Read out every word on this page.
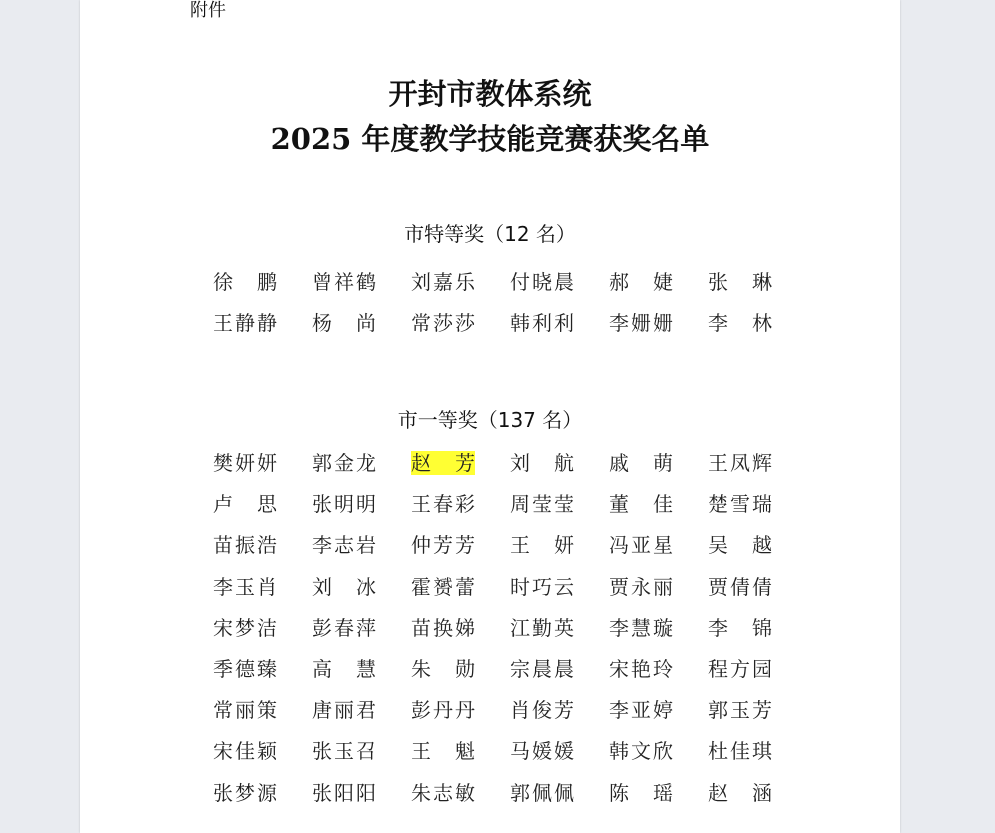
附件
开封市教体系统
2025 年度教学技能竞赛获奖名单
市特等奖（12 名）
徐鹏 曾祥鹤 刘嘉乐 付晓晨 郝婕 张琳
王静静 杨尚 常莎莎 韩利利 李姗姗 李林
市一等奖（137 名）
樊妍妍 郭金龙 赵芳 刘航 戚萌 王凤辉
卢思 张明明 王春彩 周莹莹 董佳 楚雪瑞
苗振浩 李志岩 仲芳芳 王妍 冯亚星 吴越
李玉肖 刘冰 霍赟蕾 时巧云 贾永丽 贾倩倩
宋梦洁 彭春萍 苗换娣 江勤英 李慧璇 李锦
季德臻 高慧 朱勋 宗晨晨 宋艳玲 程方园
常丽策 唐丽君 彭丹丹 肖俊芳 李亚婷 郭玉芳
宋佳颖 张玉召 王魁 马媛媛 韩文欣 杜佳琪
张梦源 张阳阳 朱志敏 郭佩佩 陈瑶 赵涵
